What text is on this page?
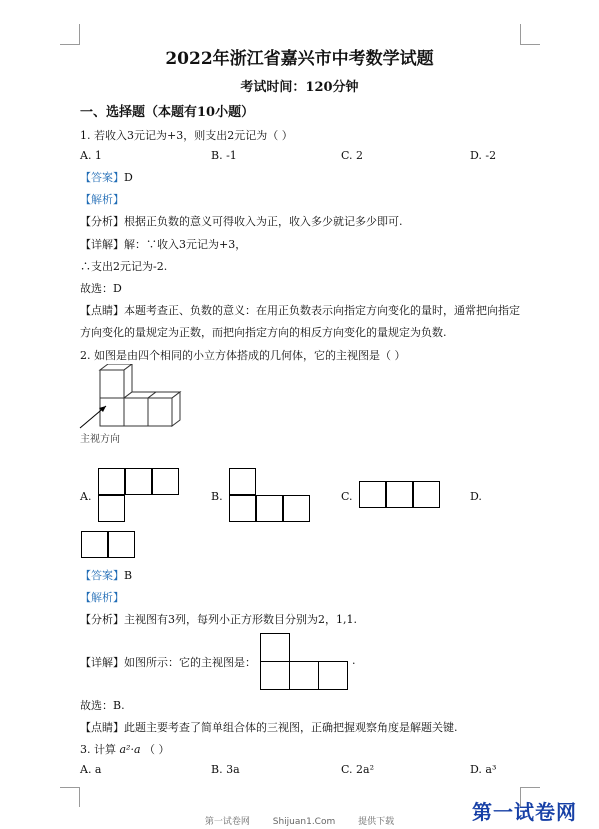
2022年浙江省嘉兴市中考数学试题
考试时间：120分钟
一、选择题（本题有10小题）
1. 若收入3元记为+3，则支出2元记为（ ）
A. 1	B. -1	C. 2	D. -2
【答案】D
【解析】
【分析】根据正负数的意义可得收入为正，收入多少就记多少即可.
【详解】解：∵收入3元记为+3，
∴支出2元记为-2.
故选：D
【点睛】本题考查正、负数的意义：在用正负数表示向指定方向变化的量时，通常把向指定
方向变化的量规定为正数，而把向指定方向的相反方向变化的量规定为负数.
2. 如图是由四个相同的小立方体搭成的几何体，它的主视图是（ ）
主视方向
A.	B.	C.	D.
【答案】B
【解析】
【分析】主视图有3列，每列小正方形数目分别为2，1,1.
【详解】如图所示：它的主视图是：	.
故选：B.
【点睛】此题主要考查了简单组合体的三视图，正确把握观察角度是解题关键.
3. 计算 a²·a （ ）
A. a	B. 3a	C. 2a²	D. a³
第一试卷网
第一试卷网	Shijuan1.Com	提供下载
